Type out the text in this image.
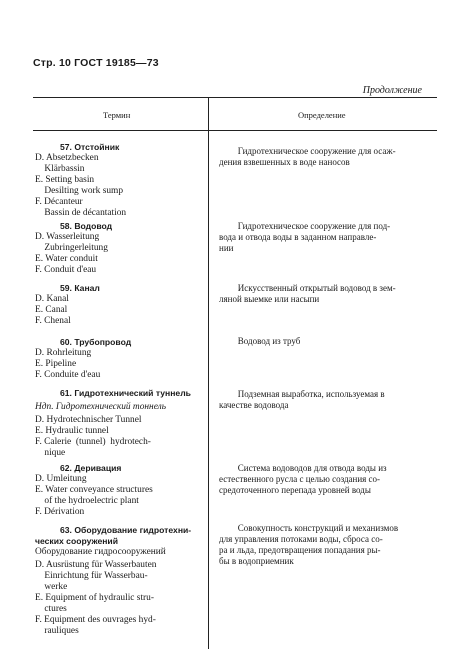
Стр. 10 ГОСТ 19185—73
Продолжение
Термин	Определение
57. Отстойник
D. Absetzbecken
Klärbassin
E. Setting basin
Desilting work sump
F. Décanteur
Bassin de décantation
Гидротехническое сооружение для осаж-
дения взвешенных в воде наносов
58. Водовод
D. Wasserleitung
Zubringerleitung
E. Water conduit
F. Conduit d'eau
Гидротехническое сооружение для под-
вода и отвода воды в заданном направле-
нии
59. Канал
D. Kanal
E. Canal
F. Chenal
Искусственный открытый водовод в зем-
ляной выемке или насыпи
60. Трубопровод
D. Rohrleitung
E. Pipeline
F. Conduite d'eau
Водовод из труб
61. Гидротехнический туннель
Ндп. Гидротехнический тоннель
D. Hydrotechnischer Tunnel
E. Hydraulic tunnel
F. Calerie  (tunnel)  hydrotech-
nique
Подземная выработка, используемая в
качестве водовода
62. Деривация
D. Umleitung
E. Water conveyance structures
of the hydroelectric plant
F. Dérivation
Система водоводов для отвода воды из
естественного русла с целью создания со-
средоточенного перепада уровней воды
63. Оборудование гидротехни-
ческих сооружений
Оборудование гидросооружений
D. Ausrüstung für Wasserbauten
Einrichtung für Wasserbau-
werke
E. Equipment of hydraulic stru-
ctures
F. Equipment des ouvrages hyd-
rauliques
Совокупность конструкций и механизмов
для управления потоками воды, сброса со-
ра и льда, предотвращения попадания ры-
бы в водоприемник
